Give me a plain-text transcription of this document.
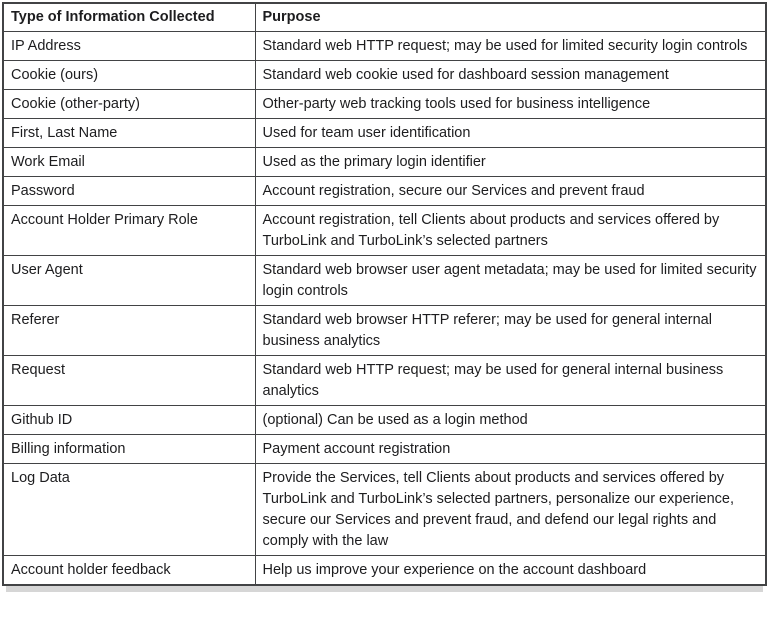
Type of Information Collected	Purpose
IP Address	Standard web HTTP request; may be used for limited security login controls
Cookie (ours)	Standard web cookie used for dashboard session management
Cookie (other-party)	Other-party web tracking tools used for business intelligence
First, Last Name	Used for team user identification
Work Email	Used as the primary login identifier
Password	Account registration, secure our Services and prevent fraud
Account Holder Primary Role	Account registration, tell Clients about products and services offered by TurboLink and TurboLink’s selected partners
User Agent	Standard web browser user agent metadata; may be used for limited security login controls
Referer	Standard web browser HTTP referer; may be used for general internal business analytics
Request	Standard web HTTP request; may be used for general internal business analytics
Github ID	(optional) Can be used as a login method
Billing information	Payment account registration
Log Data	Provide the Services, tell Clients about products and services offered by TurboLink and TurboLink’s selected partners, personalize our experience, secure our Services and prevent fraud, and defend our legal rights and comply with the law
Account holder feedback	Help us improve your experience on the account dashboard
